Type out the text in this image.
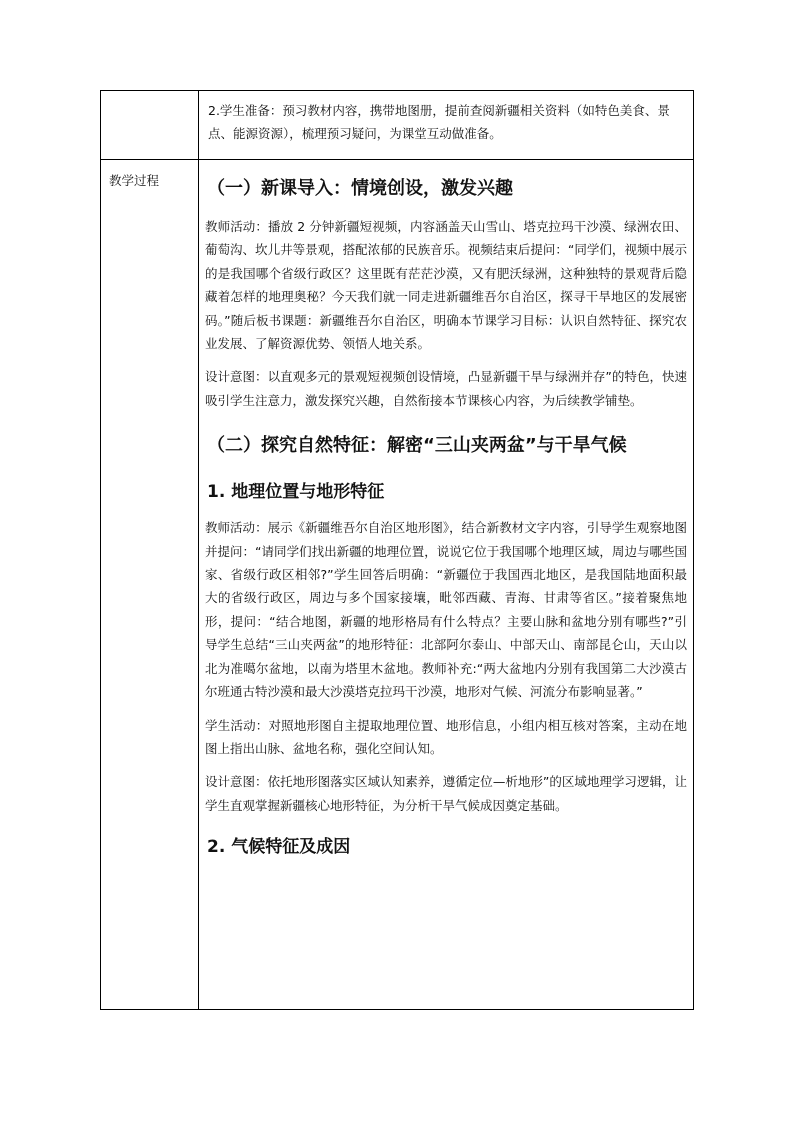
2.学生准备：预习教材内容，携带地图册，提前查阅新疆相关资料（如特色美食、景点、能源资源），梳理预习疑问，为课堂互动做准备。
教学过程	（一）新课导入：情境创设，激发兴趣

教师活动：播放 2 分钟新疆短视频，内容涵盖天山雪山、塔克拉玛干沙漠、绿洲农田、葡萄沟、坎儿井等景观，搭配浓郁的民族音乐。视频结束后提问：“同学们，视频中展示的是我国哪个省级行政区？这里既有茫茫沙漠，又有肥沃绿洲，这种独特的景观背后隐藏着怎样的地理奥秘？今天我们就一同走进新疆维吾尔自治区，探寻干旱地区的发展密码。”随后板书课题：新疆维吾尔自治区，明确本节课学习目标：认识自然特征、探究农业发展、了解资源优势、领悟人地关系。

设计意图：以直观多元的景观短视频创设情境，凸显新疆干旱与绿洲并存”的特色，快速吸引学生注意力，激发探究兴趣，自然衔接本节课核心内容，为后续教学铺垫。

（二）探究自然特征：解密“三山夹两盆”与干旱气候
1. 地理位置与地形特征

教师活动：展示《新疆维吾尔自治区地形图》，结合新教材文字内容，引导学生观察地图并提问：“请同学们找出新疆的地理位置，说说它位于我国哪个地理区域，周边与哪些国家、省级行政区相邻?”学生回答后明确：“新疆位于我国西北地区，是我国陆地面积最大的省级行政区，周边与多个国家接壤，毗邻西藏、青海、甘肃等省区。”接着聚焦地形，提问：“结合地图，新疆的地形格局有什么特点？主要山脉和盆地分别有哪些?”引导学生总结“三山夹两盆”的地形特征：北部阿尔泰山、中部天山、南部昆仑山，天山以北为准噶尔盆地，以南为塔里木盆地。教师补充:“两大盆地内分别有我国第二大沙漠古尔班通古特沙漠和最大沙漠塔克拉玛干沙漠，地形对气候、河流分布影响显著。”

学生活动：对照地形图自主提取地理位置、地形信息，小组内相互核对答案，主动在地图上指出山脉、盆地名称，强化空间认知。

设计意图：依托地形图落实区域认知素养，遵循定位—析地形”的区域地理学习逻辑，让学生直观掌握新疆核心地形特征，为分析干旱气候成因奠定基础。

2. 气候特征及成因
